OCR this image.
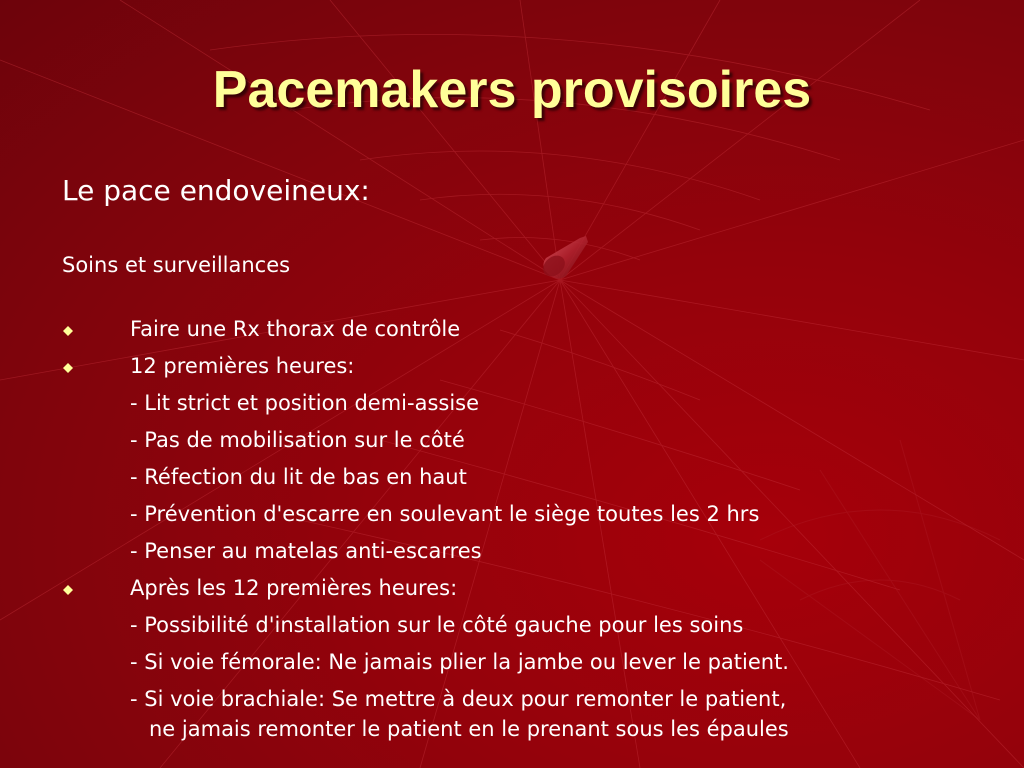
Pacemakers provisoires
Le pace endoveineux:
Soins et surveillances
Faire une Rx thorax de contrôle
12 premières heures:
- Lit strict et position demi-assise
- Pas de mobilisation sur le côté
- Réfection du lit de bas en haut
- Prévention d'escarre en soulevant le siège toutes les 2 hrs
- Penser au matelas anti-escarres
Après les 12 premières heures:
- Possibilité d'installation sur le côté gauche pour les soins
- Si voie fémorale: Ne jamais plier la jambe ou lever le patient.
- Si voie brachiale: Se mettre à deux pour remonter le patient,
ne jamais remonter le patient en le prenant sous les épaules
